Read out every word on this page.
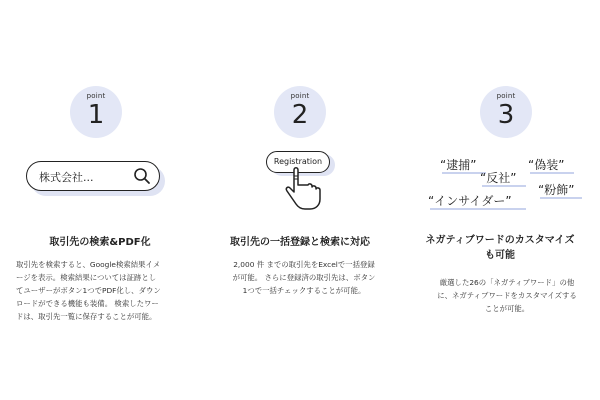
point
1
株式会社...
取引先の検索&PDF化
取引先を検索すると、Google検索結果イメ
ージを表示。検索結果については証跡とし
てユーザーがボタン1つでPDF化し、ダウン
ロードができる機能も装備。 検索したワー
ドは、取引先一覧に保存することが可能。
point
2
Registration
取引先の一括登録と検索に対応
2,000 件 までの取引先をExcelで一括登録
が可能。 さらに登録済の取引先は、ボタン
1つで一括チェックすることが可能。
point
3
“逮捕”	“偽装”
“反社”
“粉飾”
“インサイダー”
ネガティブワードのカスタマイズ
も可能
厳選した26の「ネガティブワード」の他
に、ネガティブワードをカスタマイズする
ことが可能。
